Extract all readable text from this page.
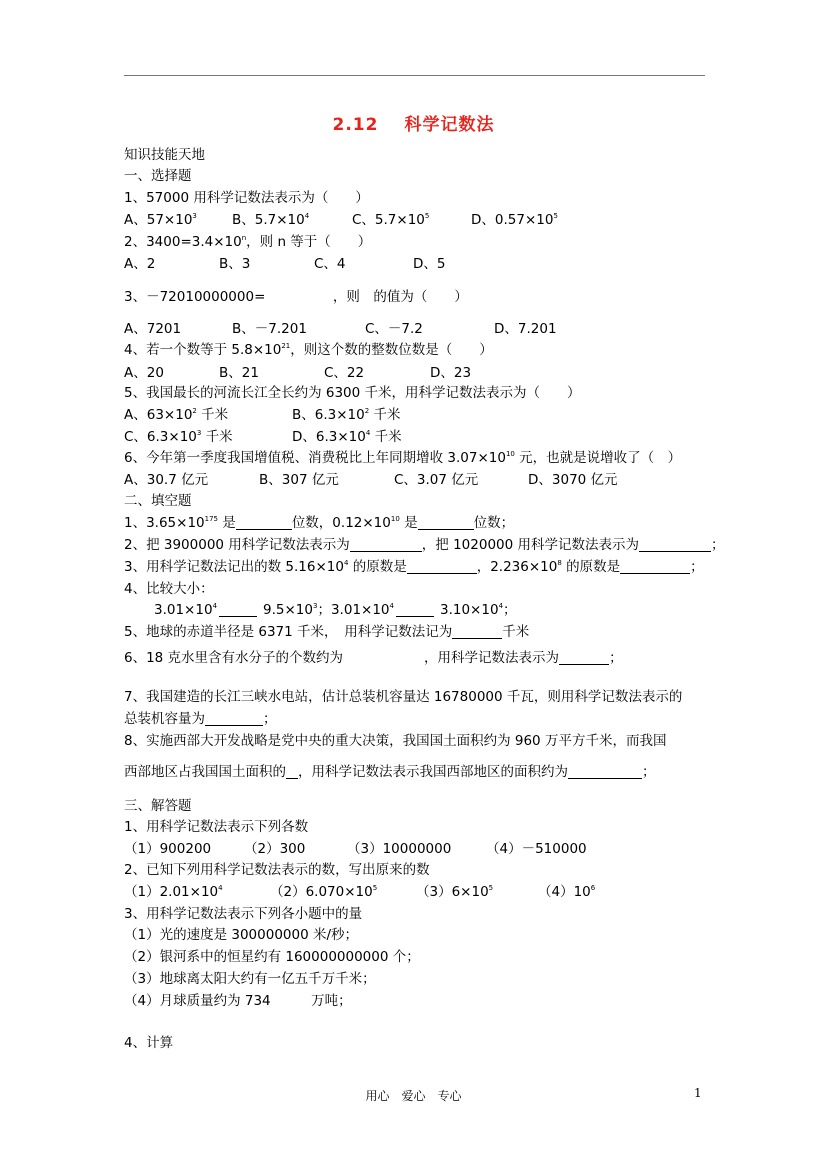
2.12 科学记数法
知识技能天地
一、选择题
1、57000 用科学记数法表示为（　　）
A、$57\times 10^3$	B、$5.7\times 10^4$	C、$5.7\times 10^5$	D、$0.57\times 10^5$
2、$3400=3.4\times 10^n$，则 n 等于（　　）
A、2	B、3	C、4	D、5
3、－72010000000=　　　　　，则　的值为（　　）
A、7201	B、－7.201	C、－7.2	D、7.201
4、若一个数等于 $5.8\times 10^{21}$，则这个数的整数位数是（　　）
A、20	B、21	C、22	D、23
5、我国最长的河流长江全长约为 6300 千米，用科学记数法表示为（　　）
A、$63\times 10^2$ 千米	B、$6.3\times 10^2$ 千米
C、$6.3\times 10^3$ 千米	D、$6.3\times 10^4$ 千米
6、今年第一季度我国增值税、消费税比上年同期增收 $3.07\times 10^{10}$ 元，也就是说增收了（　）
A、30.7 亿元	B、307 亿元	C、3.07 亿元	D、3070 亿元
二、填空题
1、$3.65\times 10^{175}$ 是	位数，$0.12\times 10^{10}$ 是	位数；
2、把 3900000 用科学记数法表示为	，把 1020000 用科学记数法表示为	；
3、用科学记数法记出的数 $5.16\times 10^4$ 的原数是	，$2.236\times 10^8$ 的原数是	；
4、比较大小：
$3.01\times 10^4$	$9.5\times 10^3$；$3.01\times 10^4$	$3.10\times 10^4$；
5、地球的赤道半径是 6371 千米，　用科学记数法记为	千米
6、18 克水里含有水分子的个数约为　　　　　　，用科学记数法表示为	；
7、我国建造的长江三峡水电站，估计总装机容量达 16780000 千瓦，则用科学记数法表示的
总装机容量为	；
8、实施西部大开发战略是党中央的重大决策，我国国土面积约为 960 万平方千米，而我国
西部地区占我国国土面积的 ，用科学记数法表示我国西部地区的面积约为	；
三、解答题
1、用科学记数法表示下列各数
（1）900200 （2）300	（3）10000000	（4）－510000
2、已知下列用科学记数法表示的数，写出原来的数
$(1)2.01\times 10^4$	$(2)6.070\times 10^5$	$(3)6\times 10^5$	$(4)10^6$
3、用科学记数法表示下列各小题中的量
（1）光的速度是 300000000 米/秒；
（2）银河系中的恒星约有 160000000000 个；
（3）地球离太阳大约有一亿五千万千米；
（4）月球质量约为 734　　　万吨；
4、计算
用心　爱心　专心	1
